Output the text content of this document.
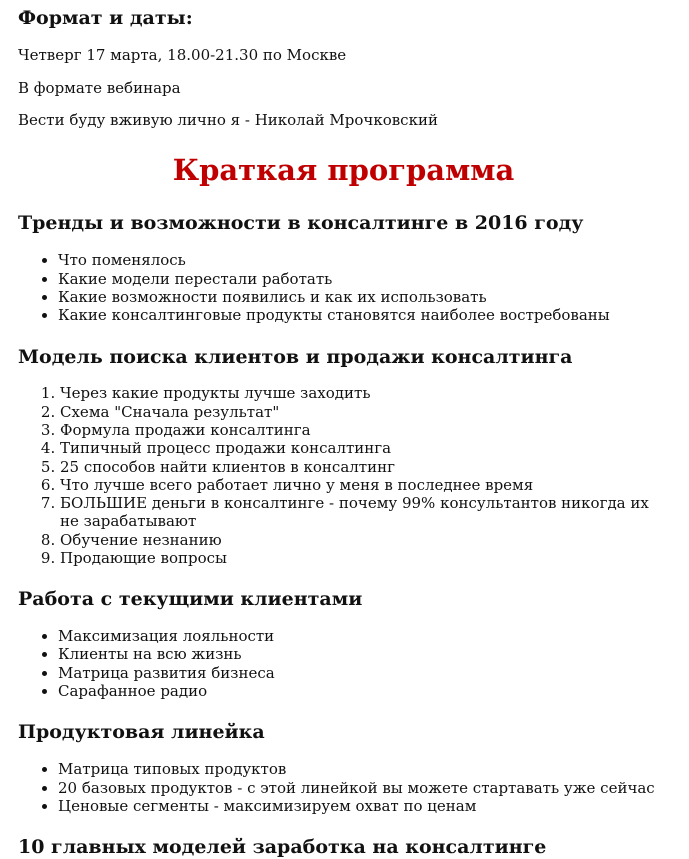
Формат и даты:

Четверг 17 марта, 18.00-21.30 по Москве

В формате вебинара

Вести буду вживую лично я - Николай Мрочковский

Краткая программа
Тренды и возможности в консалтинге в 2016 году
• Что поменялось
• Какие модели перестали работать
• Какие возможности появились и как их использовать
• Какие консалтинговые продукты становятся наиболее востребованы
Модель поиска клиентов и продажи консалтинга
1. Через какие продукты лучше заходить
2. Схема "Сначала результат"
3. Формула продажи консалтинга
4. Типичный процесс продажи консалтинга
5. 25 способов найти клиентов в консалтинг
6. Что лучше всего работает лично у меня в последнее время
7. БОЛЬШИЕ деньги в консалтинге - почему 99% консультантов никогда их не зарабатывают
8. Обучение незнанию
9. Продающие вопросы
Работа с текущими клиентами
• Максимизация лояльности
• Клиенты на всю жизнь
• Матрица развития бизнеса
• Сарафанное радио
Продуктовая линейка
• Матрица типовых продуктов
• 20 базовых продуктов - с этой линейкой вы можете стартавать уже сейчас
• Ценовые сегменты - максимизируем охват по ценам
10 главных моделей заработка на консалтинге
